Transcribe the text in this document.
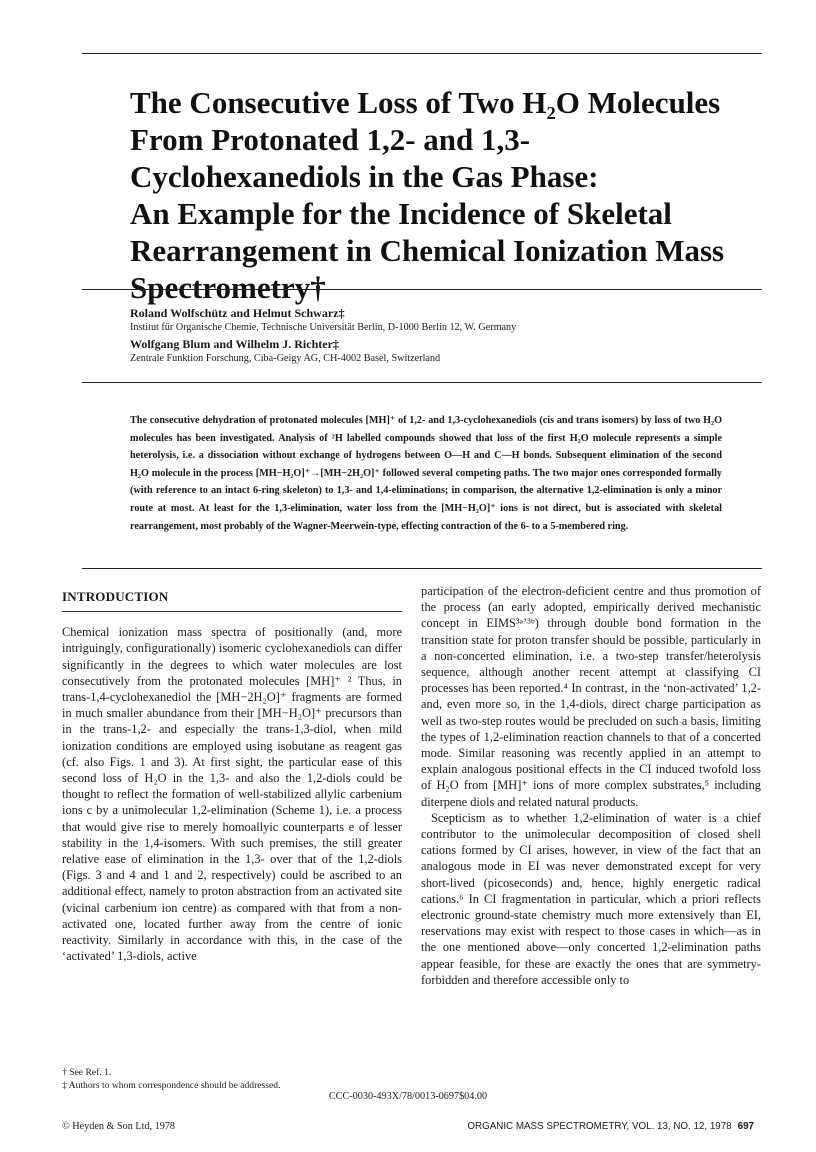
The Consecutive Loss of Two H₂O Molecules
From Protonated 1,2- and 1,3-
Cyclohexanediols in the Gas Phase:
An Example for the Incidence of Skeletal
Rearrangement in Chemical Ionization Mass
Spectrometry†
Roland Wolfschütz and Helmut Schwarz‡
Institut für Organische Chemie, Technische Universität Berlin, D-1000 Berlin 12, W. Germany
Wolfgang Blum and Wilhelm J. Richter‡
Zentrale Funktion Forschung, Ciba-Geigy AG, CH-4002 Basel, Switzerland

The consecutive dehydration of protonated molecules [MH]⁺ of 1,2- and 1,3-cyclohexanediols (cis and trans isomers) by loss of two H₂O molecules has been investigated. Analysis of ²H labelled compounds showed that loss of the first H₂O molecule represents a simple heterolysis, i.e. a dissociation without exchange of hydrogens between O—H and C—H bonds. Subsequent elimination of the second H₂O molecule in the process [MH−H₂O]⁺→[MH−2H₂O]⁺ followed several competing paths. The two major ones corresponded formally (with reference to an intact 6-ring skeleton) to 1,3- and 1,4-eliminations; in comparison, the alternative 1,2-elimination is only a minor route at most. At least for the 1,3-elimination, water loss from the [MH−H₂O]⁺ ions is not direct, but is associated with skeletal rearrangement, most probably of the Wagner-Meerwein-type, effecting contraction of the 6- to a 5-membered ring.

INTRODUCTION

Chemical ionization mass spectra of positionally (and, more intriguingly, configurationally) isomeric cyclohexanediols can differ significantly in the degrees to which water molecules are lost consecutively from the protonated molecules [MH]⁺ ² Thus, in trans-1,4-cyclohexanediol the [MH−2H₂O]⁺ fragments are formed in much smaller abundance from their [MH−H₂O]⁺ precursors than in the trans-1,2- and especially the trans-1,3-diol, when mild ionization conditions are employed using isobutane as reagent gas (cf. also Figs. 1 and 3). At first sight, the particular ease of this second loss of H₂O in the 1,3- and also the 1,2-diols could be thought to reflect the formation of well-stabilized allylic carbenium ions c by a unimolecular 1,2-elimination (Scheme 1), i.e. a process that would give rise to merely homoallyic counterparts e of lesser stability in the 1,4-isomers. With such premises, the still greater relative ease of elimination in the 1,3- over that of the 1,2-diols (Figs. 3 and 4 and 1 and 2, respectively) could be ascribed to an additional effect, namely to proton abstraction from an activated site (vicinal carbenium ion centre) as compared with that from a non-activated one, located further away from the centre of ionic reactivity. Similarly in accordance with this, in the case of the ‘activated’ 1,3-diols, active

† See Ref. 1.
‡ Authors to whom correspondence should be addressed.

participation of the electron-deficient centre and thus promotion of the process (an early adopted, empirically derived mechanistic concept in EIMS³ᵃ’³ᵇ) through double bond formation in the transition state for proton transfer should be possible, particularly in a non-concerted elimination, i.e. a two-step transfer/heterolysis sequence, although another recent attempt at classifying CI processes has been reported.⁴ In contrast, in the ‘non-activated’ 1,2- and, even more so, in the 1,4-diols, direct charge participation as well as two-step routes would be precluded on such a basis, limiting the types of 1,2-elimination reaction channels to that of a concerted mode. Similar reasoning was recently applied in an attempt to explain analogous positional effects in the CI induced twofold loss of H₂O from [MH]⁺ ions of more complex substrates,⁵ including diterpene diols and related natural products.

Scepticism as to whether 1,2-elimination of water is a chief contributor to the unimolecular decomposition of closed shell cations formed by CI arises, however, in view of the fact that an analogous mode in EI was never demonstrated except for very short-lived (picoseconds) and, hence, highly energetic radical cations.⁶ In CI fragmentation in particular, which a priori reflects electronic ground-state chemistry much more extensively than EI, reservations may exist with respect to those cases in which—as in the one mentioned above—only concerted 1,2-elimination paths appear feasible, for these are exactly the ones that are symmetry-forbidden and therefore accessible only to

CCC-0030-493X/78/0013-0697$04.00
© Heyden & Son Ltd, 1978	ORGANIC MASS SPECTROMETRY, VOL. 13, NO. 12, 1978 697
